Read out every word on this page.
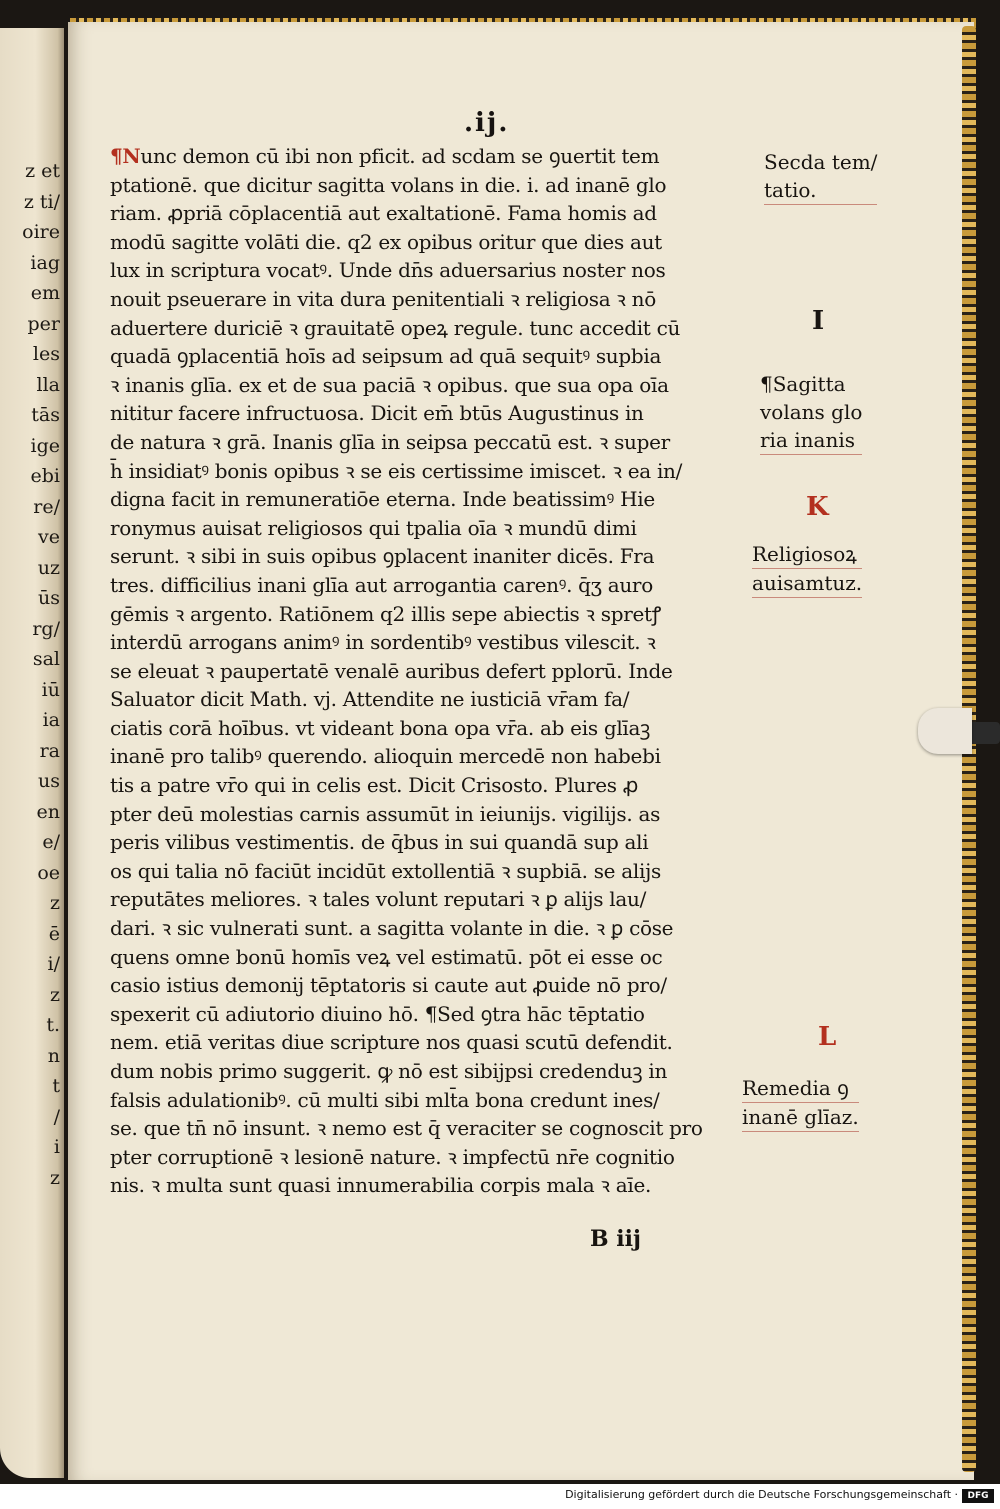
z et
z ti/
oire
iag
em
per
les
lla
tās
ige
ebi
re/
ve
uz
ūs
rg/
sal
iū
ia
ra
us
en
e/
oe
z
ē
i/
z
t.
n
t
/
i
z
.ij.
¶Nunc demon cū ibi non pficit. ad scdam se ꝯuertit tem
ptationē. que dicitur sagitta volans in die. i. ad inanē glo
riam. ꝓpriā cōplacentiā aut exaltationē. Fama homis ad
modū sagitte volāti die. q2 ex opibus oritur que dies aut
lux in scriptura vocatꝰ. Unde dn̄s aduersarius noster nos
nouit pseuerare in vita dura penitentiali ꝛ religiosa ꝛ nō
aduertere duriciē ꝛ grauitatē opeꝝ regule. tunc accedit cū
quadā ꝯplacentiā hoīs ad seipsum ad quā sequitꝰ supbia
ꝛ inanis glīa. ex et de sua paciā ꝛ opibus. que sua opa oīa
nititur facere infructuosa. Dicit em̄ btūs Augustinus in
de natura ꝛ grā. Inanis glīa in seipsa peccatū est. ꝛ super
h̄ insidiatꝰ bonis opibus ꝛ se eis certissime imiscet. ꝛ ea in/
digna facit in remuneratiōe eterna. Inde beatissimꝰ Hie
ronymus auisat religiosos qui tpalia oīa ꝛ mundū dimi
serunt. ꝛ sibi in suis opibus ꝯplacent inaniter dicēs. Fra
tres. difficilius inani glīa aut arrogantia carenꝰ. q̄ʒ auro
gēmis ꝛ argento. Ratiōnem q2 illis sepe abiectis ꝛ spretꝭ
interdū arrogans animꝰ in sordentibꝰ vestibus vilescit. ꝛ
se eleuat ꝛ paupertatē venalē auribus defert pplorū. Inde
Saluator dicit Math. vj. Attendite ne iusticiā vr̄am fa/
ciatis corā hoībus. vt videant bona opa vr̄a. ab eis glīaꝫ
inanē pro talibꝰ querendo. alioquin mercedē non habebi
tis a patre vr̄o qui in celis est. Dicit Crisosto. Plures ꝓ
pter deū molestias carnis assumūt in ieiunijs. vigilijs. as
peris vilibus vestimentis. de q̄bus in sui quandā sup ali
os qui talia nō faciūt incidūt extollentiā ꝛ supbiā. se alijs
reputātes meliores. ꝛ tales volunt reputari ꝛ ꝑ alijs lau/
dari. ꝛ sic vulnerati sunt. a sagitta volante in die. ꝛ ꝑ cōse
quens omne bonū homīs veꝝ vel estimatū. pōt ei esse oc
casio istius demonij tēptatoris si caute aut ꝓuide nō pro/
spexerit cū adiutorio diuino hō. ¶Sed ꝯtra hāc tēptatio
nem. etiā veritas diue scripture nos quasi scutū defendit.
dum nobis primo suggerit. ꝙ nō est sibijpsi credenduꝫ in
falsis adulationibꝰ. cū multi sibi mlt̄a bona credunt ines/
se. que tn̄ nō insunt. ꝛ nemo est q̄ veraciter se cognoscit pro
pter corruptionē ꝛ lesionē nature. ꝛ impfectū nr̄e cognitio
nis. ꝛ multa sunt quasi innumerabilia corpis mala ꝛ aīe.
B iij
Secda tem/

tatio.
I
¶Sagitta
volans glo

ria inanis
K
Religiosoꝝ
auisamtuz.
L
Remedia ꝯ
inanē glīaz.
Digitalisierung gefördert durch die Deutsche Forschungsgemeinschaft ·	DFG
